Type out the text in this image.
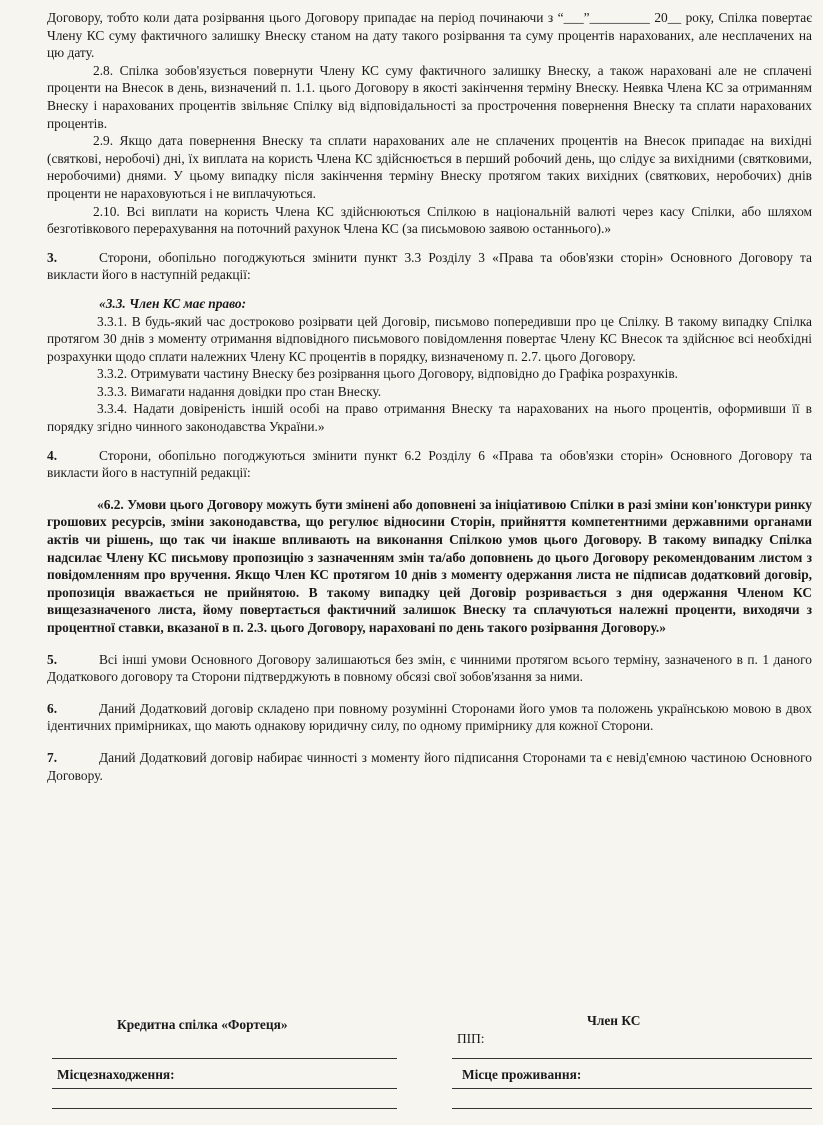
Договору, тобто коли дата розірвання цього Договору припадає на період починаючи з “___”_________ 20__ року, Спілка повертає Члену КС суму фактичного залишку Внеску станом на дату такого розірвання та суму процентів нарахованих, але несплачених на цю дату.

2.8. Спілка зобов'язується повернути Члену КС суму фактичного залишку Внеску, а також нараховані але не сплачені проценти на Внесок в день, визначений п. 1.1. цього Договору в якості закінчення терміну Внеску. Неявка Члена КС за отриманням Внеску і нарахованих процентів звільняє Спілку від відповідальності за прострочення повернення Внеску та сплати нарахованих процентів.

2.9. Якщо дата повернення Внеску та сплати нарахованих але не сплачених процентів на Внесок припадає на вихідні (святкові, неробочі) дні, їх виплата на користь Члена КС здійснюється в перший робочий день, що слідує за вихідними (святковими, неробочими) днями. У цьому випадку після закінчення терміну Внеску протягом таких вихідних (святкових, неробочих) днів проценти не нараховуються і не виплачуються.

2.10. Всі виплати на користь Члена КС здійснюються Спілкою в національній валюті через касу Спілки, або шляхом безготівкового перерахування на поточний рахунок Члена КС (за письмовою заявою останнього).»

3.	Сторони, обопільно погоджуються змінити пункт 3.3 Розділу 3 «Права та обов'язки сторін» Основного Договору та викласти його в наступній редакції:

«3.3. Член КС має право:

3.3.1. В будь-який час достроково розірвати цей Договір, письмово попередивши про це Спілку. В такому випадку Спілка протягом 30 днів з моменту отримання відповідного письмового повідомлення повертає Члену КС Внесок та здійснює всі необхідні розрахунки щодо сплати належних Члену КС процентів в порядку, визначеному п. 2.7. цього Договору.

3.3.2. Отримувати частину Внеску без розірвання цього Договору, відповідно до Графіка розрахунків.

3.3.3. Вимагати надання довідки про стан Внеску.

3.3.4. Надати довіреність іншій особі на право отримання Внеску та нарахованих на нього процентів, оформивши її в порядку згідно чинного законодавства України.»

4.	Сторони, обопільно погоджуються змінити пункт 6.2 Розділу 6 «Права та обов'язки сторін» Основного Договору та викласти його в наступній редакції:

«6.2. Умови цього Договору можуть бути змінені або доповнені за ініціативою Спілки в разі зміни кон'юнктури ринку грошових ресурсів, зміни законодавства, що регулює відносини Сторін, прийняття компетентними державними органами актів чи рішень, що так чи інакше впливають на виконання Спілкою умов цього Договору. В такому випадку Спілка надсилає Члену КС письмову пропозицію з зазначенням змін та/або доповнень до цього Договору рекомендованим листом з повідомленням про вручення. Якщо Член КС протягом 10 днів з моменту одержання листа не підписав додатковий договір, пропозиція вважається не прийнятою. В такому випадку цей Договір розривається з дня одержання Членом КС вищезазначеного листа, йому повертається фактичний залишок Внеску та сплачуються належні проценти, виходячи з процентної ставки, вказаної в п. 2.3. цього Договору, нараховані по день такого розірвання Договору.»

5.	Всі інші умови Основного Договору залишаються без змін, є чинними протягом всього терміну, зазначеного в п. 1 даного Додаткового договору та Сторони підтверджують в повному обсязі свої зобов'язання за ними.

6.	Даний Додатковий договір складено при повному розумінні Сторонами його умов та положень українською мовою в двох ідентичних примірниках, що мають однакову юридичну силу, по одному примірнику для кожної Сторони.

7.	Даний Додатковий договір набирає чинності з моменту його підписання Сторонами та є невід'ємною частиною Основного Договору.

Кредитна спілка «Фортеця»
Місцезнаходження:
Член КС
ПІП:
Місце проживання:
